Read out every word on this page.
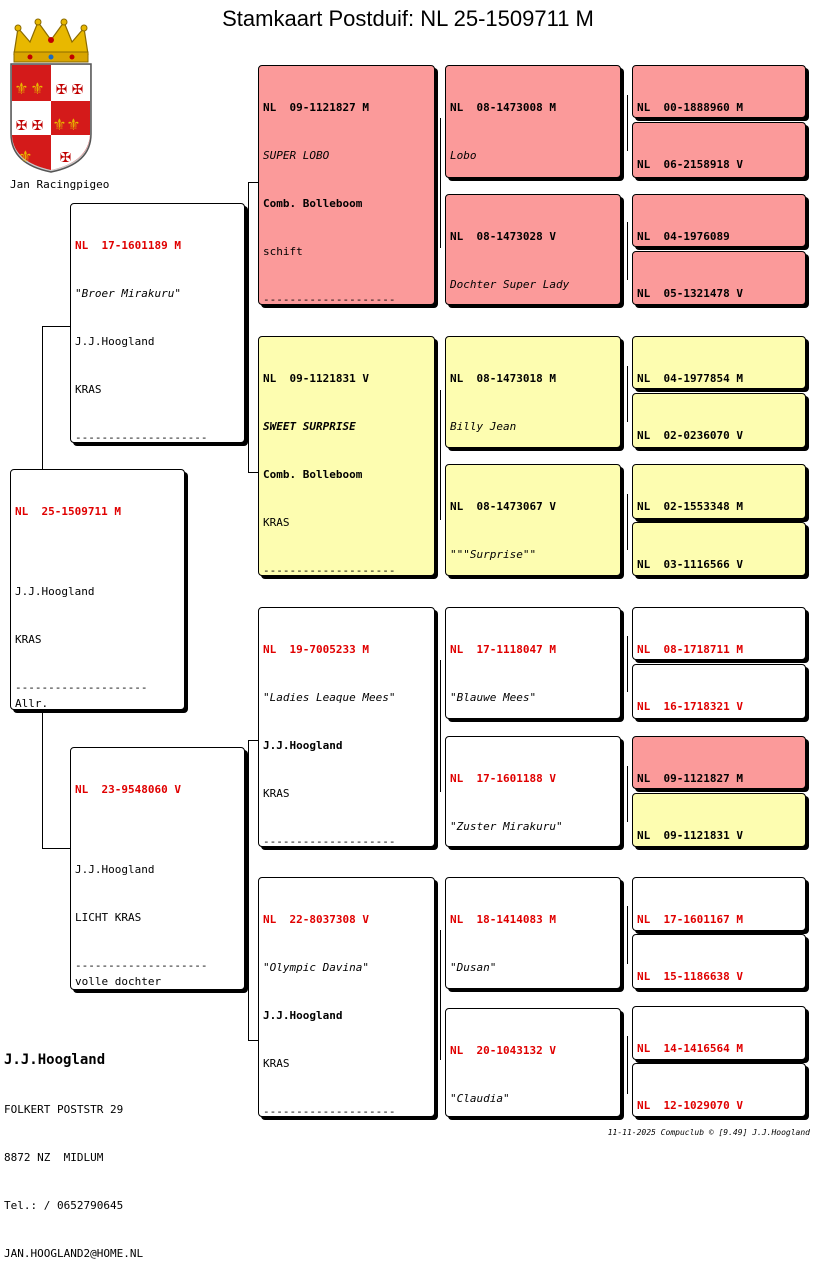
Stamkaart Postduif: NL 25-1509711 M
⚜ ⚜
⚜
⚜
⚜
✠ ✠
✠ ✠
✠
Jan Racingpigeo

NL  25-1509711 M

J.J.Hoogland

KRAS

--------------------
Allr.

NL  17-1601189 M

"Broer Mirakuru"

J.J.Hoogland

KRAS

--------------------

NL  23-9548060 V

J.J.Hoogland

LICHT KRAS

--------------------
volle dochter

NL  09-1121827 M

SUPER LOBO

Comb. Bolleboom

schift

--------------------

NL  09-1121831 V

SWEET SURPRISE

Comb. Bolleboom

KRAS

--------------------

NL  19-7005233 M

"Ladies Leaque Mees"

J.J.Hoogland

KRAS

--------------------

NL  22-8037308 V

"Olympic Davina"

J.J.Hoogland

KRAS

--------------------

NL  08-1473008 M

Lobo

NL  08-1473028 V

Dochter Super Lady

NL  08-1473018 M

Billy Jean

NL  08-1473067 V

"""Surprise""

NL  17-1118047 M

"Blauwe Mees"

NL  17-1601188 V

"Zuster Mirakuru"

NL  18-1414083 M

"Dusan"

NL  20-1043132 V

"Claudia"

NL  00-1888960 M

NL  06-2158918 V

NL  04-1976089

NL  05-1321478 V

NL  04-1977854 M

NL  02-0236070 V

NL  02-1553348 M

NL  03-1116566 V

NL  08-1718711 M

NL  16-1718321 V

NL  09-1121827 M

NL  09-1121831 V

NL  17-1601167 M

NL  15-1186638 V

NL  14-1416564 M

NL  12-1029070 V

J.J.Hoogland

FOLKERT POSTSTR 29

8872 NZ  MIDLUM

Tel.: / 0652790645

JAN.HOOGLAND2@HOME.NL

11-11-2025 Compuclub © [9.49] J.J.Hoogland
